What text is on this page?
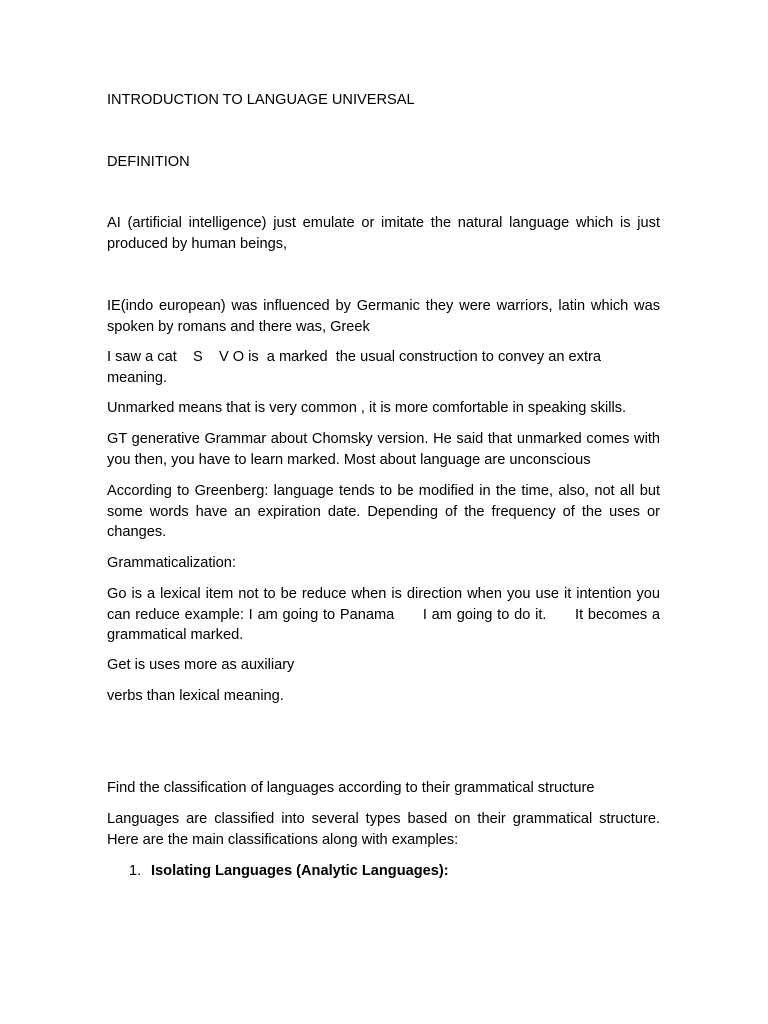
INTRODUCTION TO LANGUAGE UNIVERSAL

DEFINITION

AI (artificial intelligence) just emulate or imitate the natural language which is just produced by human beings,

IE(indo european) was influenced by Germanic they were warriors, latin which was spoken by romans and there was, Greek

I saw a cat S V O is  a marked  the usual construction to convey an extra meaning.

Unmarked means that is very common , it is more comfortable in speaking skills.

GT generative Grammar about Chomsky version. He said that unmarked comes with you then, you have to learn marked. Most about language are unconscious

According to Greenberg: language tends to be modified in the time, also, not all but some words have an expiration date. Depending of the frequency of the uses or changes.

Grammaticalization:

Go is a lexical item not to be reduce when is direction when you use it intention you can reduce example: I am going to Panama I am going to do it. It becomes a grammatical marked.

Get is uses more as auxiliary

verbs than lexical meaning.

Find the classification of languages according to their grammatical structure

Languages are classified into several types based on their grammatical structure. Here are the main classifications along with examples:

1. Isolating Languages (Analytic Languages):
